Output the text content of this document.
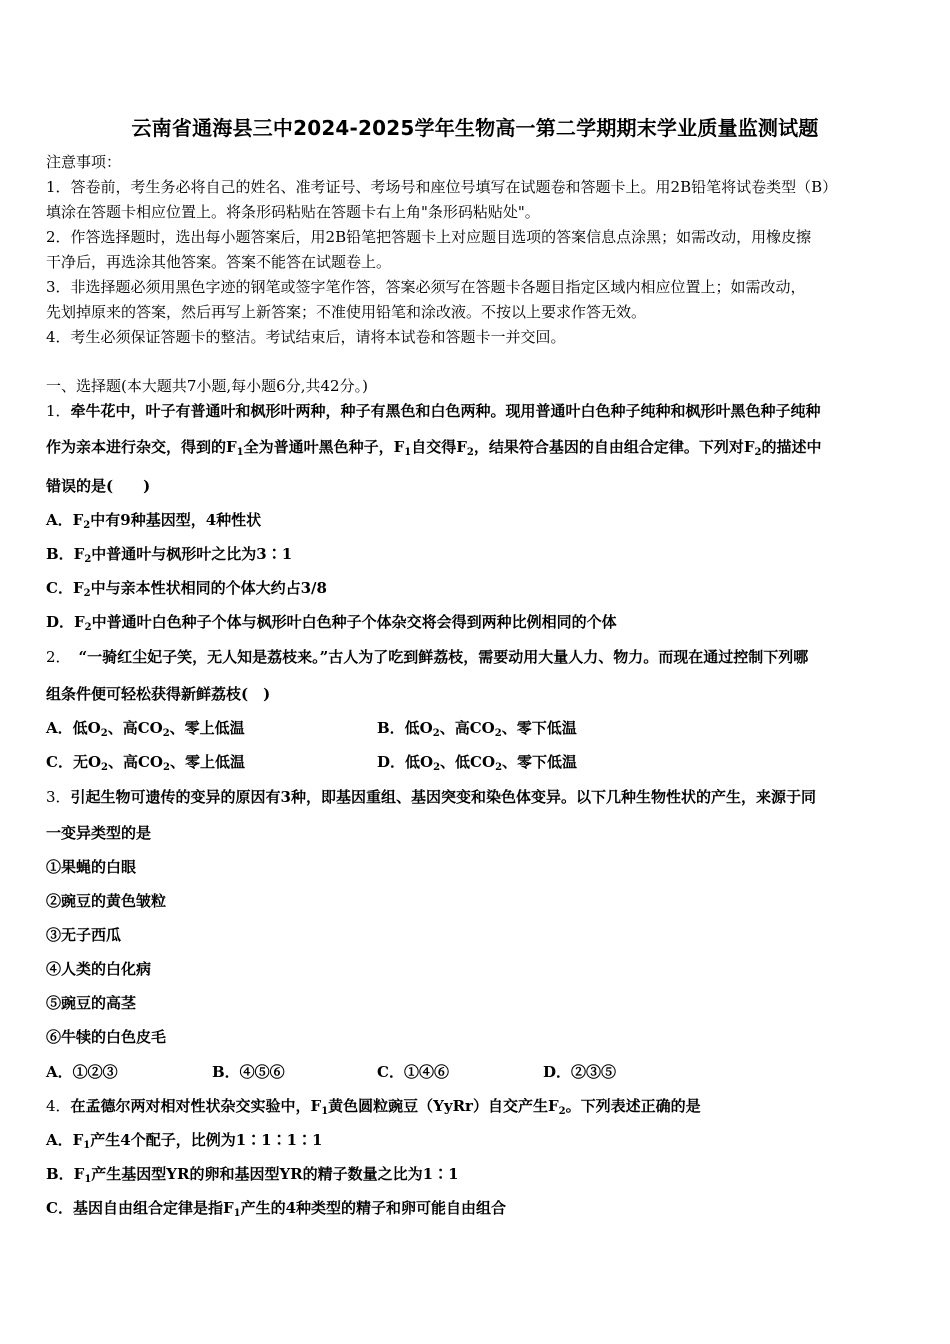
云南省通海县三中2024-2025学年生物高一第二学期期末学业质量监测试题
注意事项：
1．答卷前，考生务必将自己的姓名、准考证号、考场号和座位号填写在试题卷和答题卡上。用2B铅笔将试卷类型（B）
填涂在答题卡相应位置上。将条形码粘贴在答题卡右上角"条形码粘贴处"。
2．作答选择题时，选出每小题答案后，用2B铅笔把答题卡上对应题目选项的答案信息点涂黑；如需改动，用橡皮擦
干净后，再选涂其他答案。答案不能答在试题卷上。
3．非选择题必须用黑色字迹的钢笔或签字笔作答，答案必须写在答题卡各题目指定区域内相应位置上；如需改动，
先划掉原来的答案，然后再写上新答案；不准使用铅笔和涂改液。不按以上要求作答无效。
4．考生必须保证答题卡的整洁。考试结束后，请将本试卷和答题卡一并交回。
一、选择题(本大题共7小题,每小题6分,共42分。)
1．牵牛花中，叶子有普通叶和枫形叶两种，种子有黑色和白色两种。现用普通叶白色种子纯种和枫形叶黑色种子纯种
作为亲本进行杂交，得到的$F_1$全为普通叶黑色种子，$F_1$自交得$F_2$，结果符合基因的自由组合定律。下列对$F_2$的描述中
错误的是(　　)
A．$F_2$中有9种基因型，4种性状
B．$F_2$中普通叶与枫形叶之比为3∶1
C．$F_2$中与亲本性状相同的个体大约占3/8
D．$F_2$中普通叶白色种子个体与枫形叶白色种子个体杂交将会得到两种比例相同的个体
2． “一骑红尘妃子笑，无人知是荔枝来。”古人为了吃到鲜荔枝，需要动用大量人力、物力。而现在通过控制下列哪
组条件便可轻松获得新鲜荔枝(　)
A．低$O_2$、高$CO_2$、零上低温	B．低$O_2$、高$CO_2$、零下低温
C．无$O_2$、高$CO_2$、零上低温	D．低$O_2$、低$CO_2$、零下低温
3．引起生物可遗传的变异的原因有3种，即基因重组、基因突变和染色体变异。以下几种生物性状的产生，来源于同
一变异类型的是
①果蝇的白眼
②豌豆的黄色皱粒
③无子西瓜
④人类的白化病
⑤豌豆的高茎
⑥牛犊的白色皮毛
A．①②③	B．④⑤⑥	C．①④⑥	D．②③⑤
4．在孟德尔两对相对性状杂交实验中，$F_1$黄色圆粒豌豆（YyRr）自交产生$F_2$。下列表述正确的是
A．$F_1$产生4个配子，比例为1∶1∶1∶1
B．$F_1$产生基因型YR的卵和基因型YR的精子数量之比为1∶1
C．基因自由组合定律是指$F_1$产生的4种类型的精子和卵可能自由组合
